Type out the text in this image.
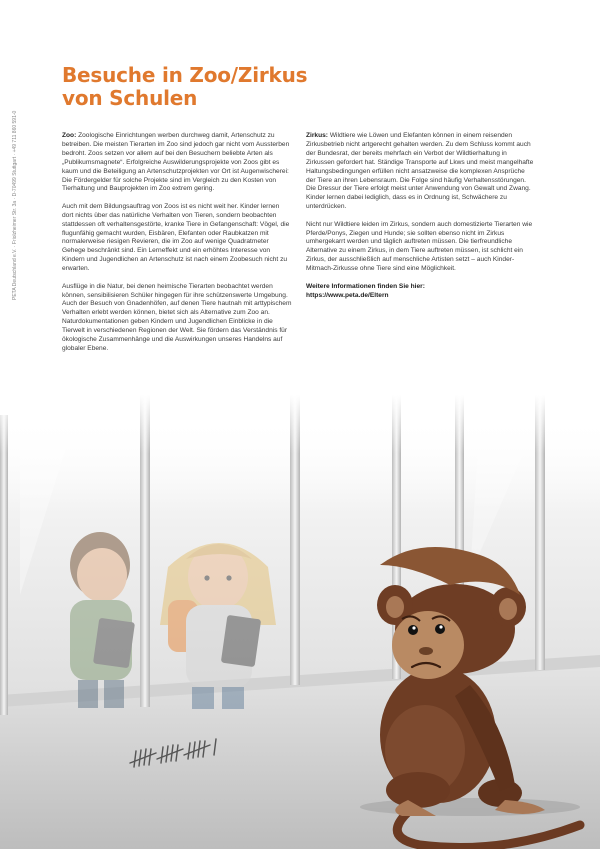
Besuche in Zoo/Zirkus
von Schulen
PETA Deutschland e.V. · Friolzheimer Str. 3a · D-70499 Stuttgart · +49 711 860 591-0	Zoo: Zoologische Einrichtungen werben durchweg damit, Artenschutz zu betreiben. Die meisten Tierarten im Zoo sind jedoch gar nicht vom Aussterben bedroht. Zoos setzen vor allem auf bei den Besuchern beliebte Arten als „Publikumsmagnete“. Erfolgreiche Auswilderungsprojekte von Zoos gibt es kaum und die Beteiligung an Artenschutzprojekten vor Ort ist Augenwischerei: Die Fördergelder für solche Projekte sind im Vergleich zu den Kosten von Tierhaltung und Bauprojekten im Zoo extrem gering.

Auch mit dem Bildungsauftrag von Zoos ist es nicht weit her. Kinder lernen dort nichts über das natürliche Verhalten von Tieren, sondern beobachten stattdessen oft verhaltensgestörte, kranke Tiere in Gefangenschaft: Vögel, die flugunfähig gemacht wurden, Eisbären, Elefanten oder Raubkatzen mit normalerweise riesigen Revieren, die im Zoo auf wenige Quadratmeter Gehege beschränkt sind. Ein Lerneffekt und ein erhöhtes Interesse von Kindern und Jugendlichen an Artenschutz ist nach einem Zoobesuch nicht zu erwarten.

Ausflüge in die Natur, bei denen heimische Tierarten beobachtet werden können, sensibilisieren Schüler hingegen für ihre schützenswerte Umgebung. Auch der Besuch von Gnadenhöfen, auf denen Tiere hautnah mit arttypischem Verhalten erlebt werden können, bietet sich als Alternative zum Zoo an. Naturdokumentationen geben Kindern und Jugendlichen Einblicke in die Tierwelt in verschiedenen Regionen der Welt. Sie fördern das Verständnis für ökologische Zusammenhänge und die Auswirkungen unseres Handelns auf globaler Ebene.

Zirkus: Wildtiere wie Löwen und Elefanten können in einem reisenden Zirkusbetrieb nicht artgerecht gehalten werden. Zu dem Schluss kommt auch der Bundesrat, der bereits mehrfach ein Verbot der Wildtierhaltung in Zirkussen gefordert hat. Ständige Transporte auf Lkws und meist mangelhafte Haltungsbedingungen erfüllen nicht ansatzweise die komplexen Ansprüche der Tiere an ihren Lebensraum. Die Folge sind häufig Verhaltensstörungen. Die Dressur der Tiere erfolgt meist unter Anwendung von Gewalt und Zwang. Kinder lernen dabei lediglich, dass es in Ordnung ist, Schwächere zu unterdrücken.

Nicht nur Wildtiere leiden im Zirkus, sondern auch domestizierte Tierarten wie Pferde/Ponys, Ziegen und Hunde; sie sollten ebenso nicht im Zirkus umhergekarrt werden und täglich auftreten müssen. Die tierfreundliche Alternative zu einem Zirkus, in dem Tiere auftreten müssen, ist schlicht ein Zirkus, der ausschließlich auf menschliche Artisten setzt – auch Kinder-Mitmach-Zirkusse ohne Tiere sind eine Möglichkeit.

Weitere Informationen finden Sie hier:
https://www.peta.de/Eltern
